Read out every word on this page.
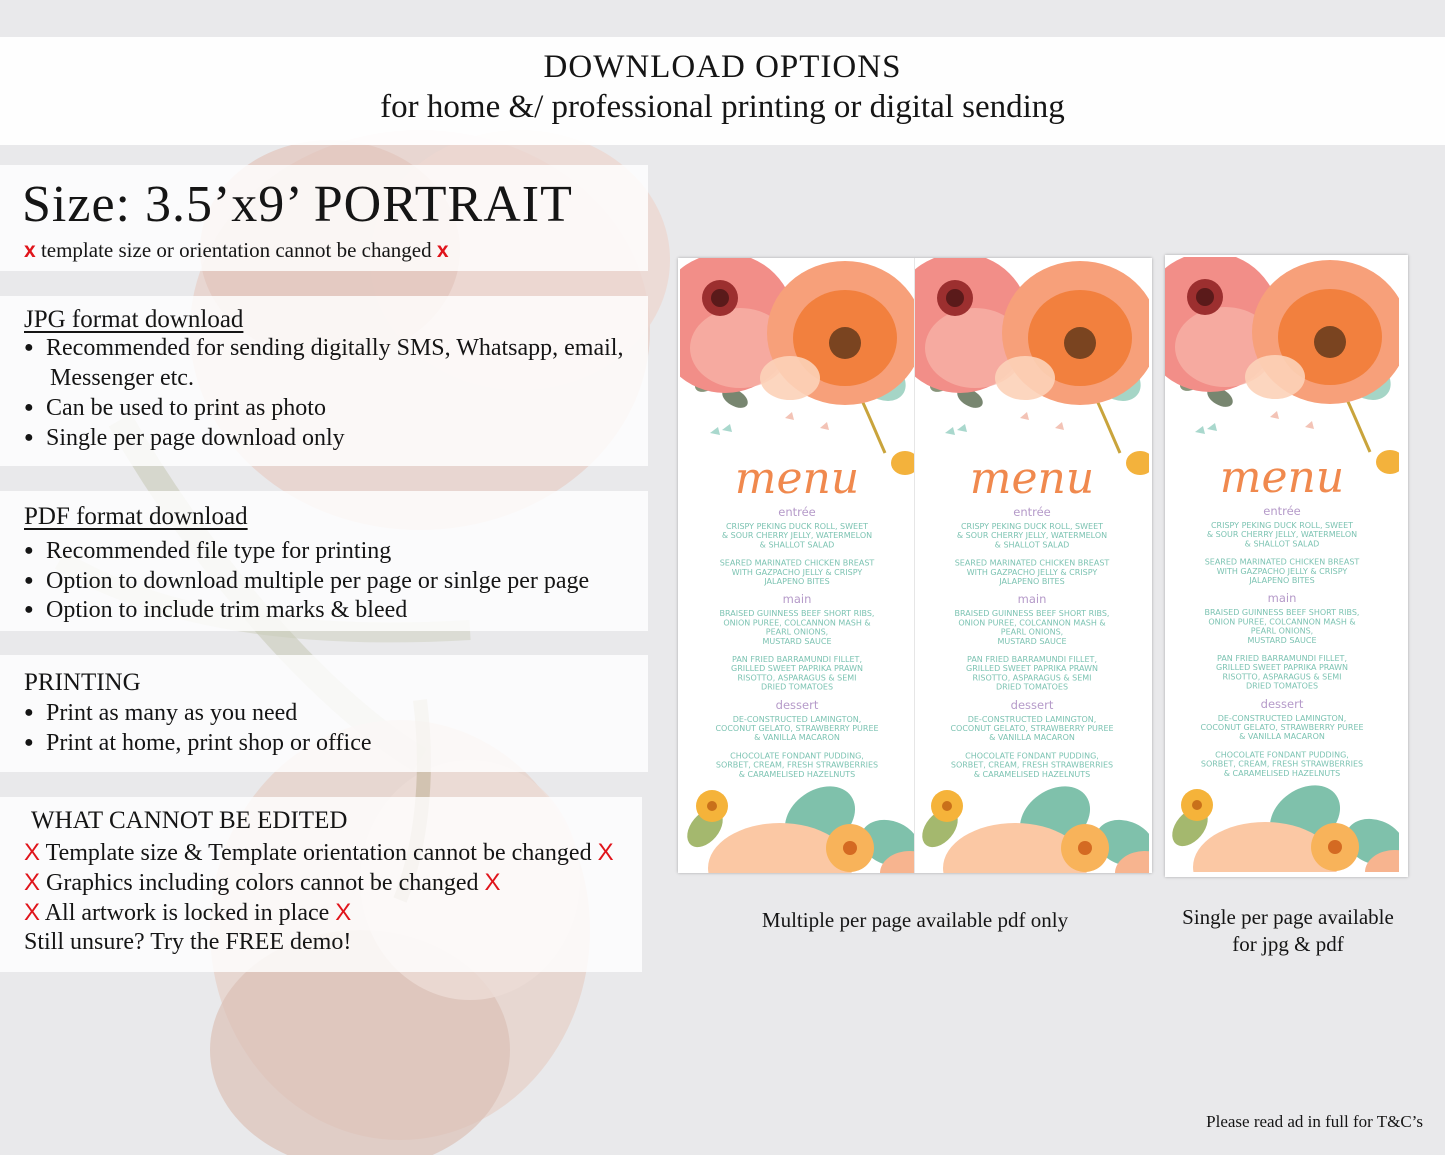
DOWNLOAD OPTIONS
for home &/ professional printing or digital sending
Size: 3.5’x9’ PORTRAIT
x template size or orientation cannot be changed x
JPG format download
● Recommended for sending digitally SMS, Whatsapp, email,
Messenger etc.
● Can be used to print as photo
● Single per page download only
PDF format download
● Recommended file type for printing
● Option to download multiple per page or sinlge per page
● Option to include trim marks & bleed
PRINTING
● Print as many as you need
● Print at home, print shop or office
WHAT CANNOT BE EDITED
X Template size & Template orientation cannot be changed X
X Graphics including colors cannot be changed X
X All artwork is locked in place X
Still unsure? Try the FREE demo!
menu
entrée
CRISPY PEKING DUCK ROLL, SWEET
& SOUR CHERRY JELLY, WATERMELON
& SHALLOT SALAD
SEARED MARINATED CHICKEN BREAST
WITH GAZPACHO JELLY & CRISPY
JALAPENO BITES
main
BRAISED GUINNESS BEEF SHORT RIBS,
ONION PUREE, COLCANNON MASH &
PEARL ONIONS,
MUSTARD SAUCE
PAN FRIED BARRAMUNDI FILLET,
GRILLED SWEET PAPRIKA PRAWN
RISOTTO, ASPARAGUS & SEMI
DRIED TOMATOES
dessert
DE-CONSTRUCTED LAMINGTON,
COCONUT GELATO, STRAWBERRY PUREE
& VANILLA MACARON
CHOCOLATE FONDANT PUDDING,
SORBET, CREAM, FRESH STRAWBERRIES
& CARAMELISED HAZELNUTS
menu
entrée
CRISPY PEKING DUCK ROLL, SWEET
& SOUR CHERRY JELLY, WATERMELON
& SHALLOT SALAD
SEARED MARINATED CHICKEN BREAST
WITH GAZPACHO JELLY & CRISPY
JALAPENO BITES
main
BRAISED GUINNESS BEEF SHORT RIBS,
ONION PUREE, COLCANNON MASH &
PEARL ONIONS,
MUSTARD SAUCE
PAN FRIED BARRAMUNDI FILLET,
GRILLED SWEET PAPRIKA PRAWN
RISOTTO, ASPARAGUS & SEMI
DRIED TOMATOES
dessert
DE-CONSTRUCTED LAMINGTON,
COCONUT GELATO, STRAWBERRY PUREE
& VANILLA MACARON
CHOCOLATE FONDANT PUDDING,
SORBET, CREAM, FRESH STRAWBERRIES
& CARAMELISED HAZELNUTS
menu
entrée
CRISPY PEKING DUCK ROLL, SWEET
& SOUR CHERRY JELLY, WATERMELON
& SHALLOT SALAD
SEARED MARINATED CHICKEN BREAST
WITH GAZPACHO JELLY & CRISPY
JALAPENO BITES
main
BRAISED GUINNESS BEEF SHORT RIBS,
ONION PUREE, COLCANNON MASH &
PEARL ONIONS,
MUSTARD SAUCE
PAN FRIED BARRAMUNDI FILLET,
GRILLED SWEET PAPRIKA PRAWN
RISOTTO, ASPARAGUS & SEMI
DRIED TOMATOES
dessert
DE-CONSTRUCTED LAMINGTON,
COCONUT GELATO, STRAWBERRY PUREE
& VANILLA MACARON
CHOCOLATE FONDANT PUDDING,
SORBET, CREAM, FRESH STRAWBERRIES
& CARAMELISED HAZELNUTS
Multiple per page available pdf only	Single per page available
for jpg & pdf
Please read ad in full for T&C’s
